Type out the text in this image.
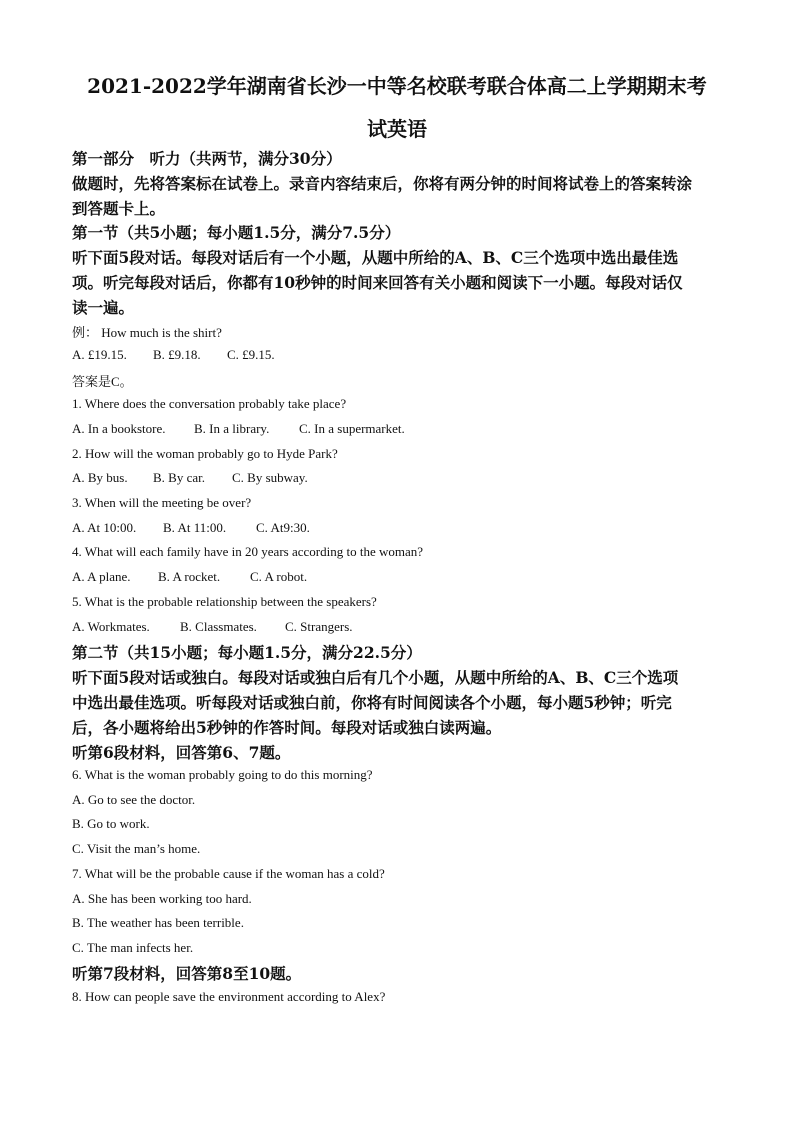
2021-2022学年湖南省长沙一中等名校联考联合体高二上学期期末考
试英语
第一部分　听力（共两节，满分30分）
做题时，先将答案标在试卷上。录音内容结束后，你将有两分钟的时间将试卷上的答案转涂
到答题卡上。
第一节（共5小题；每小题1.5分，满分7.5分）
听下面5段对话。每段对话后有一个小题，从题中所给的A、B、C三个选项中选出最佳选
项。听完每段对话后，你都有10秒钟的时间来回答有关小题和阅读下一小题。每段对话仅
读一遍。
例： How much is the shirt?
A. £19.15. B. £9.18. C. £9.15.
答案是C。
1. Where does the conversation probably take place?
A. In a bookstore. B. In a library. C. In a supermarket.
2. How will the woman probably go to Hyde Park?
A. By bus. B. By car. C. By subway.
3. When will the meeting be over?
A. At 10:00. B. At 11:00. C. At9:30.
4. What will each family have in 20 years according to the woman?
A. A plane. B. A rocket. C. A robot.
5. What is the probable relationship between the speakers?
A. Workmates. B. Classmates. C. Strangers.
第二节（共15小题；每小题1.5分，满分22.5分）
听下面5段对话或独白。每段对话或独白后有几个小题，从题中所给的A、B、C三个选项
中选出最佳选项。听每段对话或独白前，你将有时间阅读各个小题，每小题5秒钟；听完
后，各小题将给出5秒钟的作答时间。每段对话或独白读两遍。
听第6段材料，回答第6、7题。
6. What is the woman probably going to do this morning?
A. Go to see the doctor.
B. Go to work.
C. Visit the man’s home.
7. What will be the probable cause if the woman has a cold?
A. She has been working too hard.
B. The weather has been terrible.
C. The man infects her.
听第7段材料，回答第8至10题。
8. How can people save the environment according to Alex?
